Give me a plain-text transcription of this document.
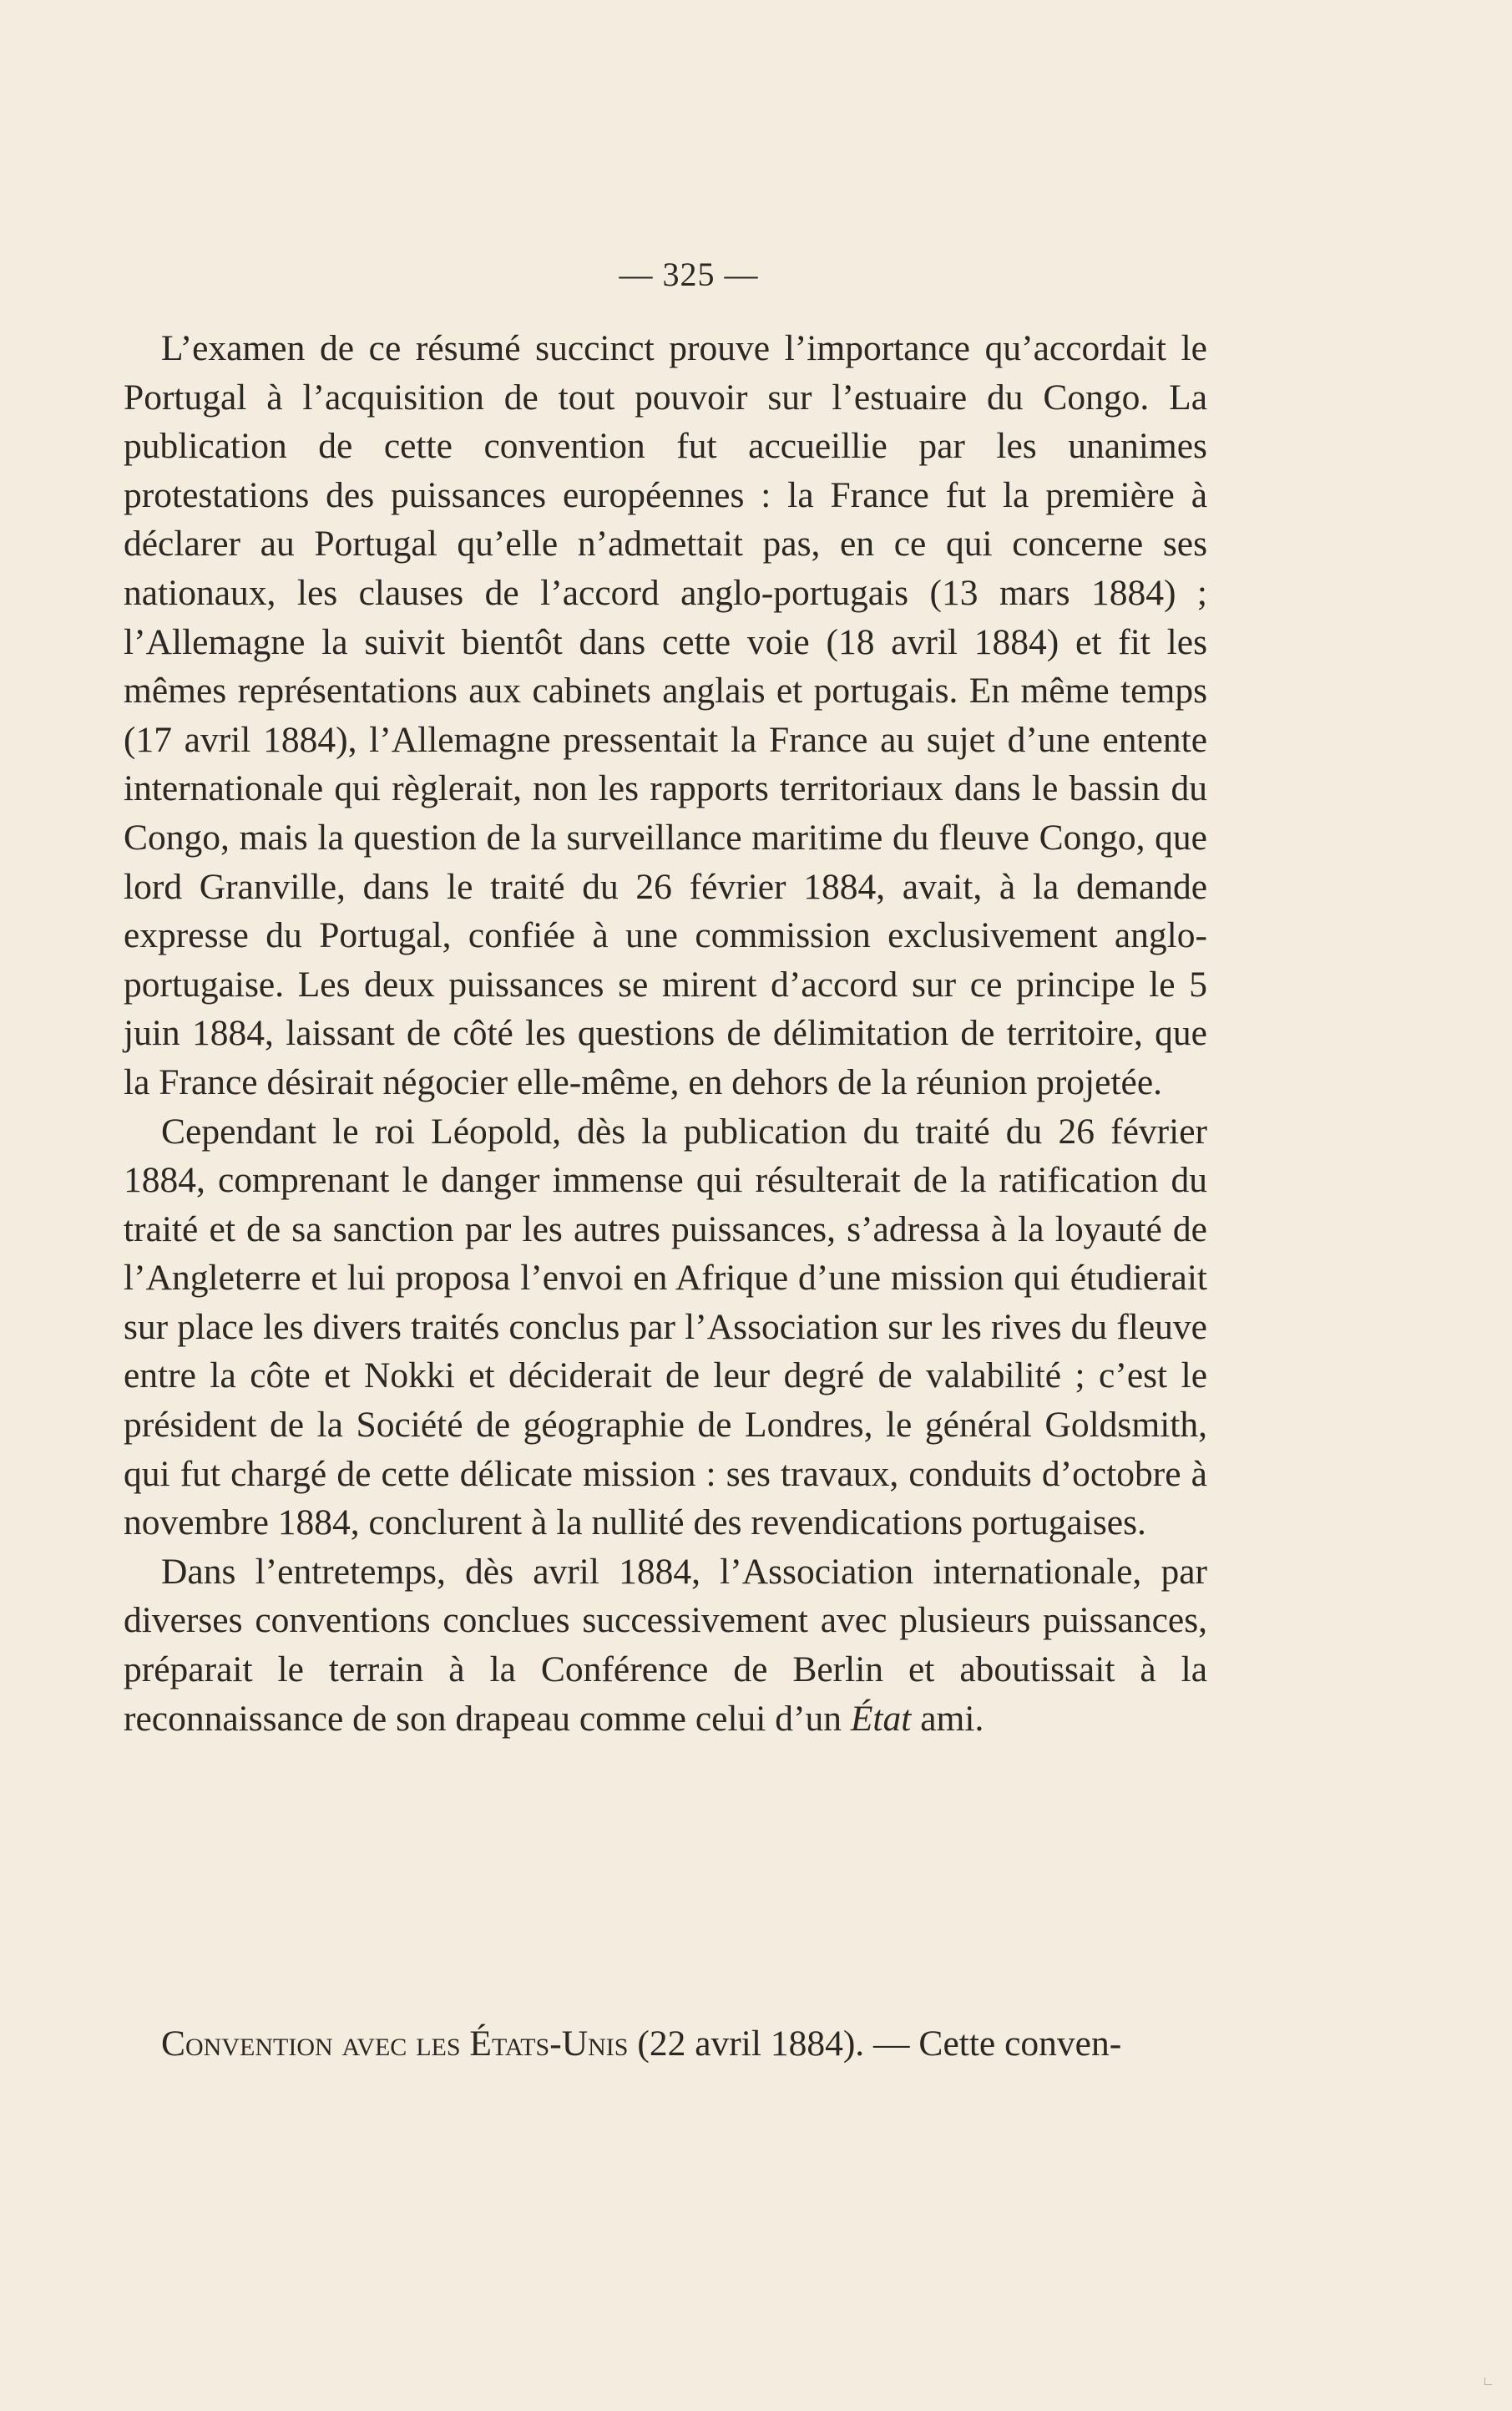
— 325 —

L’examen de ce résumé succinct prouve l’importance qu’accordait le Portugal à l’acquisition de tout pouvoir sur l’estuaire du Congo. La publication de cette convention fut accueillie par les unanimes protestations des puissances européennes : la France fut la première à déclarer au Portugal qu’elle n’admettait pas, en ce qui concerne ses nationaux, les clauses de l’accord anglo-portugais (13 mars 1884) ; l’Allemagne la suivit bientôt dans cette voie (18 avril 1884) et fit les mêmes représentations aux cabinets anglais et portugais. En même temps (17 avril 1884), l’Allemagne pressentait la France au sujet d’une entente internationale qui règlerait, non les rapports territoriaux dans le bassin du Congo, mais la question de la surveillance maritime du fleuve Congo, que lord Granville, dans le traité du 26 février 1884, avait, à la demande expresse du Portugal, confiée à une commission exclusivement anglo-portugaise. Les deux puissances se mirent d’accord sur ce principe le 5 juin 1884, laissant de côté les questions de délimitation de territoire, que la France désirait négocier elle-même, en dehors de la réunion projetée.

Cependant le roi Léopold, dès la publication du traité du 26 février 1884, comprenant le danger immense qui résulterait de la ratification du traité et de sa sanction par les autres puissances, s’adressa à la loyauté de l’Angleterre et lui proposa l’envoi en Afrique d’une mission qui étudierait sur place les divers traités conclus par l’Association sur les rives du fleuve entre la côte et Nokki et déciderait de leur degré de valabilité ; c’est le président de la Société de géographie de Londres, le général Goldsmith, qui fut chargé de cette délicate mission : ses travaux, conduits d’octobre à novembre 1884, conclurent à la nullité des revendications portugaises.

Dans l’entretemps, dès avril 1884, l’Association internationale, par diverses conventions conclues successivement avec plusieurs puissances, préparait le terrain à la Conférence de Berlin et aboutissait à la reconnaissance de son drapeau comme celui d’un État ami.

Convention avec les États-Unis (22 avril 1884). — Cette conven-
